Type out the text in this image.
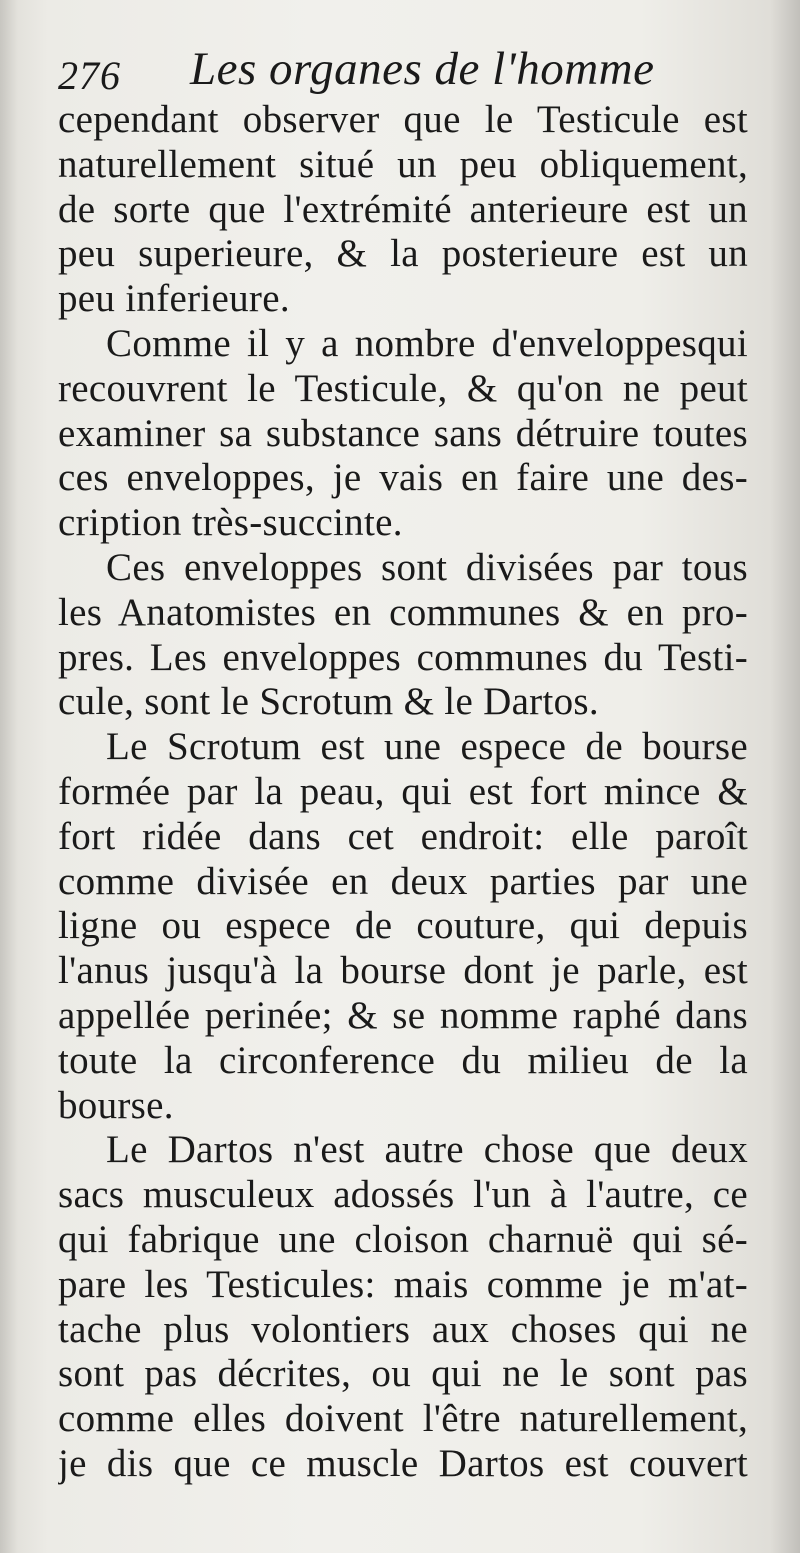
276 Les organes de l'homme
cependant observer que le Testicule est
naturellement situé un peu obliquement,
de sorte que l'extrémité anterieure est un
peu superieure, & la posterieure est un
peu inferieure.
Comme il y a nombre d'enveloppesqui
recouvrent le Testicule, & qu'on ne peut
examiner sa substance sans détruire toutes
ces enveloppes, je vais en faire une des-
cription très-succinte.
Ces enveloppes sont divisées par tous
les Anatomistes en communes & en pro-
pres. Les enveloppes communes du Testi-
cule, sont le Scrotum & le Dartos.
Le Scrotum est une espece de bourse
formée par la peau, qui est fort mince &
fort ridée dans cet endroit: elle paroît
comme divisée en deux parties par une
ligne ou espece de couture, qui depuis
l'anus jusqu'à la bourse dont je parle, est
appellée perinée; & se nomme raphé dans
toute la circonference du milieu de la
bourse.
Le Dartos n'est autre chose que deux
sacs musculeux adossés l'un à l'autre, ce
qui fabrique une cloison charnuë qui sé-
pare les Testicules: mais comme je m'at-
tache plus volontiers aux choses qui ne
sont pas décrites, ou qui ne le sont pas
comme elles doivent l'être naturellement,
je dis que ce muscle Dartos est couvert
